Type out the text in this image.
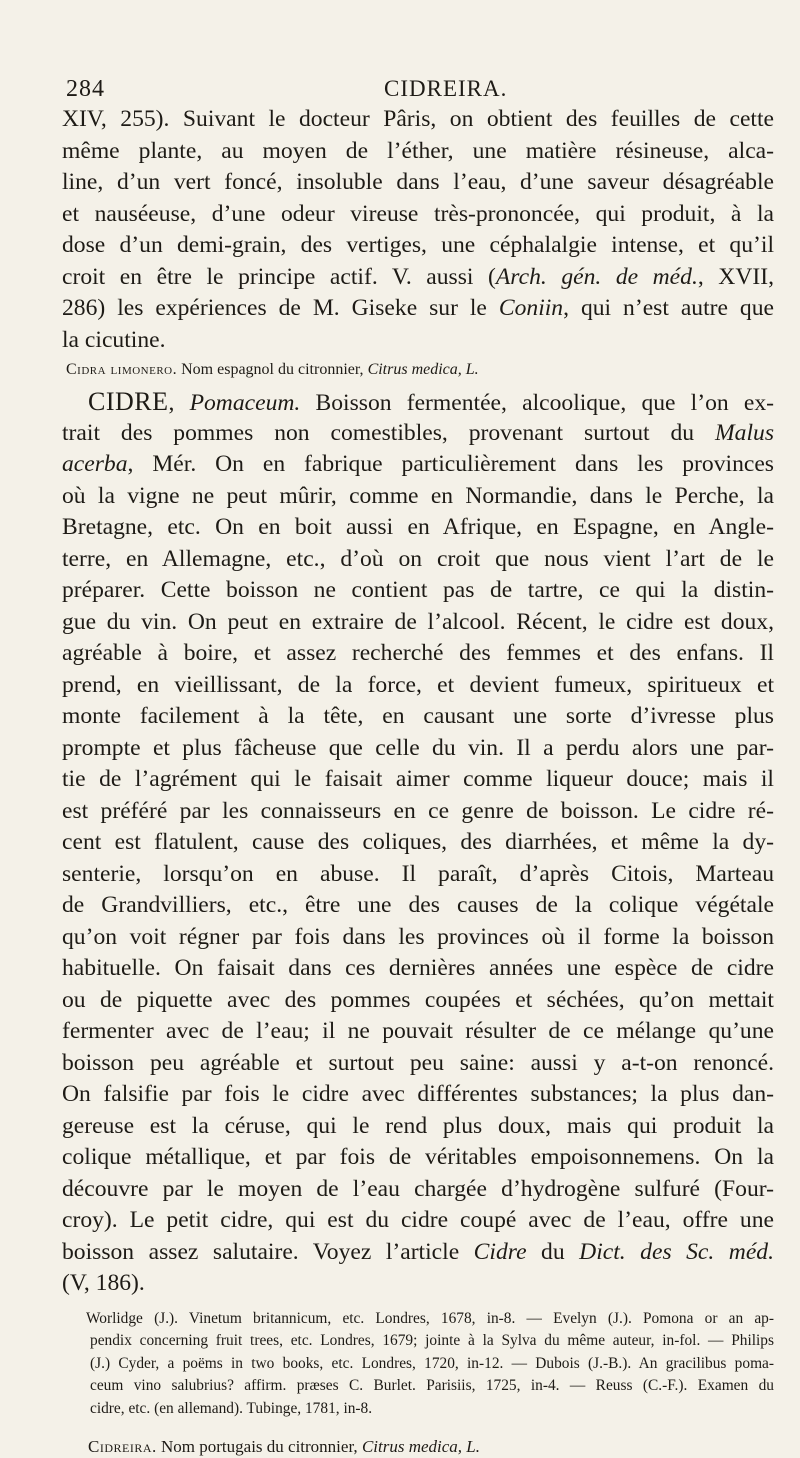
284	CIDREIRA.
XIV, 255). Suivant le docteur Pâris, on obtient des feuilles de cette
même plante, au moyen de l’éther, une matière résineuse, alca-
line, d’un vert foncé, insoluble dans l’eau, d’une saveur désagréable
et nauséeuse, d’une odeur vireuse très-prononcée, qui produit, à la
dose d’un demi-grain, des vertiges, une céphalalgie intense, et qu’il
croit en être le principe actif. V. aussi (Arch. gén. de méd., XVII,
286) les expériences de M. Giseke sur le Coniin, qui n’est autre que
la cicutine.
Cidra limonero. Nom espagnol du citronnier, Citrus medica, L.
CIDRE, Pomaceum. Boisson fermentée, alcoolique, que l’on ex-
trait des pommes non comestibles, provenant surtout du Malus
acerba, Mér. On en fabrique particulièrement dans les provinces
où la vigne ne peut mûrir, comme en Normandie, dans le Perche, la
Bretagne, etc. On en boit aussi en Afrique, en Espagne, en Angle-
terre, en Allemagne, etc., d’où on croit que nous vient l’art de le
préparer. Cette boisson ne contient pas de tartre, ce qui la distin-
gue du vin. On peut en extraire de l’alcool. Récent, le cidre est doux,
agréable à boire, et assez recherché des femmes et des enfans. Il
prend, en vieillissant, de la force, et devient fumeux, spiritueux et
monte facilement à la tête, en causant une sorte d’ivresse plus
prompte et plus fâcheuse que celle du vin. Il a perdu alors une par-
tie de l’agrément qui le faisait aimer comme liqueur douce; mais il
est préféré par les connaisseurs en ce genre de boisson. Le cidre ré-
cent est flatulent, cause des coliques, des diarrhées, et même la dy-
senterie, lorsqu’on en abuse. Il paraît, d’après Citois, Marteau
de Grandvilliers, etc., être une des causes de la colique végétale
qu’on voit régner par fois dans les provinces où il forme la boisson
habituelle. On faisait dans ces dernières années une espèce de cidre
ou de piquette avec des pommes coupées et séchées, qu’on mettait
fermenter avec de l’eau; il ne pouvait résulter de ce mélange qu’une
boisson peu agréable et surtout peu saine: aussi y a-t-on renoncé.
On falsifie par fois le cidre avec différentes substances; la plus dan-
gereuse est la céruse, qui le rend plus doux, mais qui produit la
colique métallique, et par fois de véritables empoisonnemens. On la
découvre par le moyen de l’eau chargée d’hydrogène sulfuré (Four-
croy). Le petit cidre, qui est du cidre coupé avec de l’eau, offre une
boisson assez salutaire. Voyez l’article Cidre du Dict. des Sc. méd.
(V, 186).
Worlidge (J.). Vinetum britannicum, etc. Londres, 1678, in-8. — Evelyn (J.). Pomona or an ap-
pendix concerning fruit trees, etc. Londres, 1679; jointe à la Sylva du même auteur, in-fol. — Philips
(J.) Cyder, a poëms in two books, etc. Londres, 1720, in-12. — Dubois (J.-B.). An gracilibus poma-
ceum vino salubrius? affirm. præses C. Burlet. Parisiis, 1725, in-4. — Reuss (C.-F.). Examen du
cidre, etc. (en allemand). Tubinge, 1781, in-8.
Cidreira. Nom portugais du citronnier, Citrus medica, L.
